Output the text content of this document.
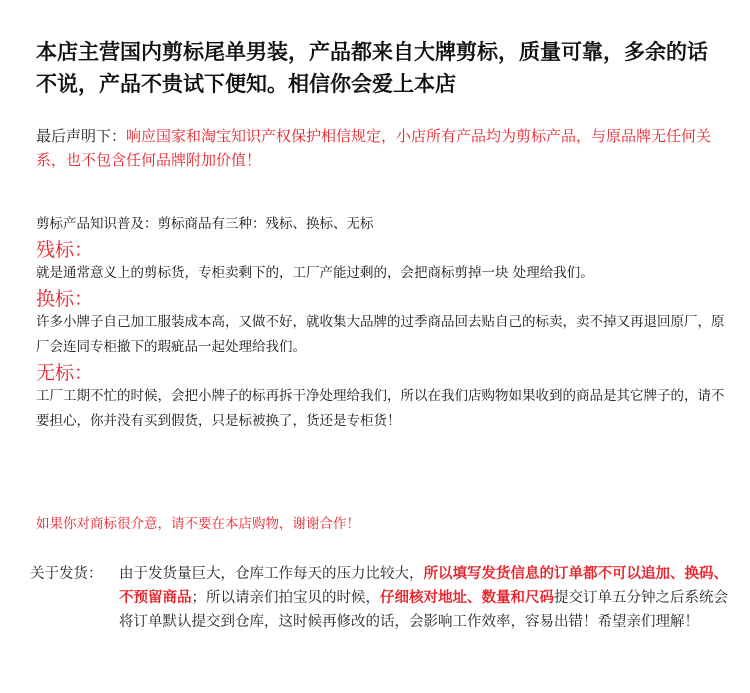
本店主营国内剪标尾单男装，产品都来自大牌剪标，质量可靠，多余的话不说，产品不贵试下便知。相信你会爱上本店
最后声明下：响应国家和淘宝知识产权保护相信规定，小店所有产品均为剪标产品，与原品牌无任何关系，也不包含任何品牌附加价值！
剪标产品知识普及：剪标商品有三种：残标、换标、无标
残标：
就是通常意义上的剪标货，专柜卖剩下的，工厂产能过剩的，会把商标剪掉一块 处理给我们。
换标：
许多小牌子自己加工服装成本高，又做不好，就收集大品牌的过季商品回去贴自己的标卖，卖不掉又再退回原厂，原厂会连同专柜撤下的瑕疵品一起处理给我们。
无标：
工厂工期不忙的时候，会把小牌子的标再拆干净处理给我们，所以在我们店购物如果收到的商品是其它牌子的，请不要担心，你并没有买到假货，只是标被换了，货还是专柜货！
如果你对商标很介意，请不要在本店购物，谢谢合作！
关于发货：	由于发货量巨大，仓库工作每天的压力比较大，所以填写发货信息的订单都不可以追加、换码、不预留商品；所以请亲们拍宝贝的时候，仔细核对地址、数量和尺码提交订单五分钟之后系统会将订单默认提交到仓库，这时候再修改的话，会影响工作效率，容易出错！希望亲们理解！
